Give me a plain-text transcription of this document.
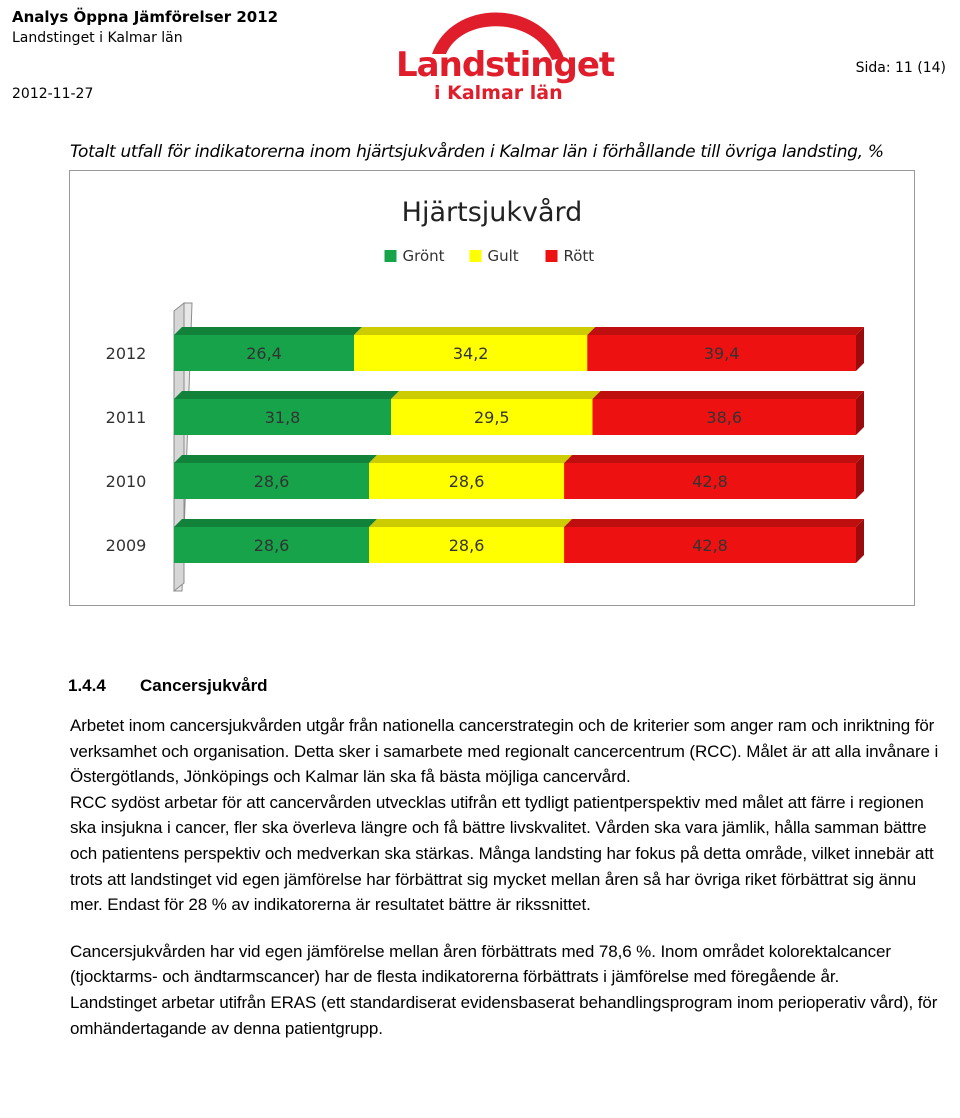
Analys Öppna Jämförelser 2012
Landstinget i Kalmar län
2012-11-27
Sida: 11 (14)
Landstinget
i Kalmar län
Totalt utfall för indikatorerna inom hjärtsjukvården i Kalmar län i förhållande till övriga landsting, %
Hjärtsjukvård
Grönt	Gult	Rött
2012	26,4	34,2	39,4
2011	31,8	29,5	38,6
2010	28,6	28,6	42,8
2009	28,6	28,6	42,8
1.4.4 Cancersjukvård

Arbetet inom cancersjukvården utgår från nationella cancerstrategin och de kriterier som anger ram och inriktning för verksamhet och organisation. Detta sker i samarbete med regionalt cancercentrum (RCC). Målet är att alla invånare i Östergötlands, Jönköpings och Kalmar län ska få bästa möjliga cancervård.

RCC sydöst arbetar för att cancervården utvecklas utifrån ett tydligt patientperspektiv med målet att färre i regionen ska insjukna i cancer, fler ska överleva längre och få bättre livskvalitet. Vården ska vara jämlik, hålla samman bättre och patientens perspektiv och medverkan ska stärkas. Många landsting har fokus på detta område, vilket innebär att trots att landstinget vid egen jämförelse har förbättrat sig mycket mellan åren så har övriga riket förbättrat sig ännu mer. Endast för 28 % av indikatorerna är resultatet bättre är rikssnittet.

Cancersjukvården har vid egen jämförelse mellan åren förbättrats med 78,6 %. Inom området kolorektalcancer (tjocktarms- och ändtarmscancer) har de flesta indikatorerna förbättrats i jämförelse med föregående år.

Landstinget arbetar utifrån ERAS (ett standardiserat evidensbaserat behandlingsprogram inom perioperativ vård), för omhändertagande av denna patientgrupp.
